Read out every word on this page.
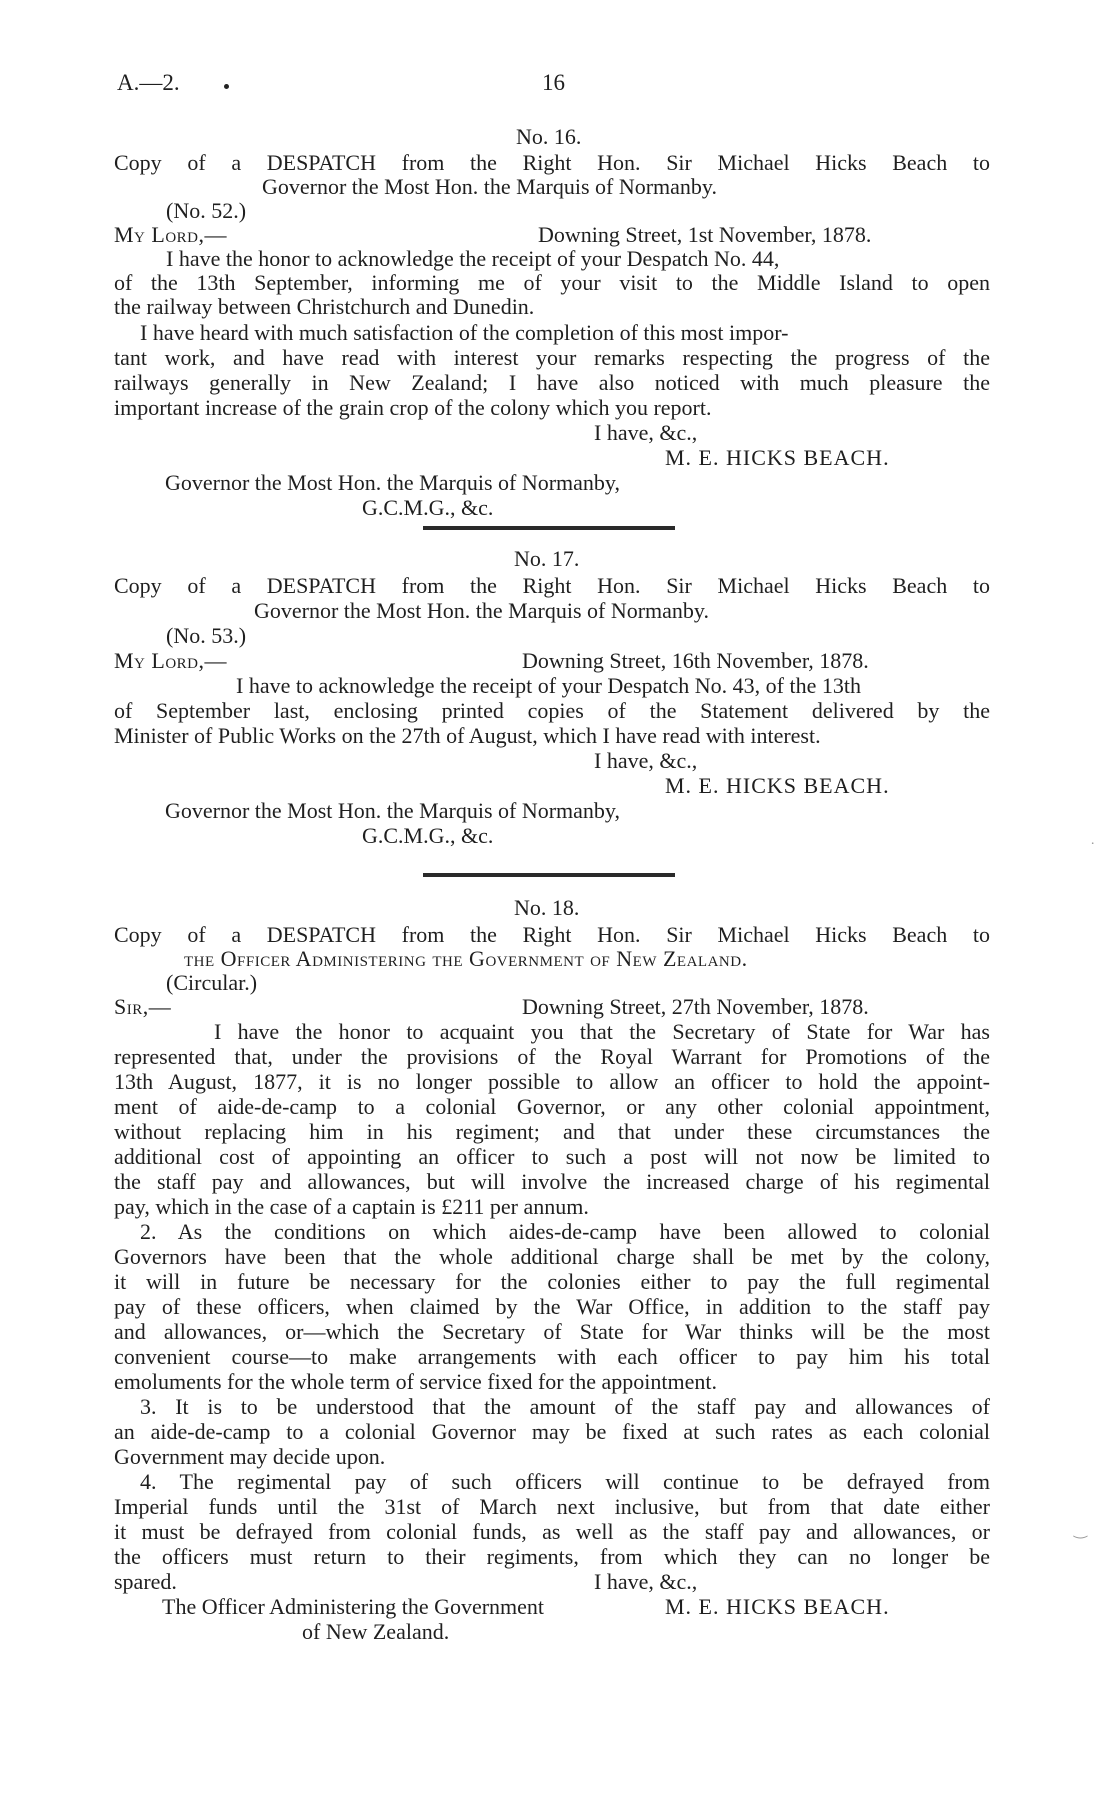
A.—2.	16
No. 16.
Copy of a DESPATCH from the Right Hon. Sir Michael Hicks Beach to
Governor the Most Hon. the Marquis of Normanby.
(No. 52.)
My Lord,—	Downing Street, 1st November, 1878.
I have the honor to acknowledge the receipt of your Despatch No. 44,
of the 13th September, informing me of your visit to the Middle Island to open
the railway between Christchurch and Dunedin.
I have heard with much satisfaction of the completion of this most impor-
tant work, and have read with interest your remarks respecting the progress of the
railways generally in New Zealand; I have also noticed with much pleasure the
important increase of the grain crop of the colony which you report.
I have, &c.,
M. E. HICKS BEACH.
Governor the Most Hon. the Marquis of Normanby,
G.C.M.G., &c.
No. 17.
Copy of a DESPATCH from the Right Hon. Sir Michael Hicks Beach to
Governor the Most Hon. the Marquis of Normanby.
(No. 53.)
My Lord,—	Downing Street, 16th November, 1878.
I have to acknowledge the receipt of your Despatch No. 43, of the 13th
of September last, enclosing printed copies of the Statement delivered by the
Minister of Public Works on the 27th of August, which I have read with interest.
I have, &c.,
M. E. HICKS BEACH.
Governor the Most Hon. the Marquis of Normanby,
G.C.M.G., &c.
˙
No. 18.
Copy of a DESPATCH from the Right Hon. Sir Michael Hicks Beach to
the Officer Administering the Government of New Zealand.
(Circular.)
Sir,—	Downing Street, 27th November, 1878.
I have the honor to acquaint you that the Secretary of State for War has
represented that, under the provisions of the Royal Warrant for Promotions of the
13th August, 1877, it is no longer possible to allow an officer to hold the appoint-
ment of aide-de-camp to a colonial Governor, or any other colonial appointment,
without replacing him in his regiment; and that under these circumstances the
additional cost of appointing an officer to such a post will not now be limited to
the staff pay and allowances, but will involve the increased charge of his regimental
pay, which in the case of a captain is £211 per annum.
2. As the conditions on which aides-de-camp have been allowed to colonial
Governors have been that the whole additional charge shall be met by the colony,
it will in future be necessary for the colonies either to pay the full regimental
pay of these officers, when claimed by the War Office, in addition to the staff pay
and allowances, or—which the Secretary of State for War thinks will be the most
convenient course—to make arrangements with each officer to pay him his total
emoluments for the whole term of service fixed for the appointment.
3. It is to be understood that the amount of the staff pay and allowances of
an aide-de-camp to a colonial Governor may be fixed at such rates as each colonial
Government may decide upon.
4. The regimental pay of such officers will continue to be defrayed from
Imperial funds until the 31st of March next inclusive, but from that date either
it must be defrayed from colonial funds, as well as the staff pay and allowances, or
the officers must return to their regiments, from which they can no longer be
spared.	I have, &c.,
The Officer Administering the Government	M. E. HICKS BEACH.
of New Zealand.
‿
